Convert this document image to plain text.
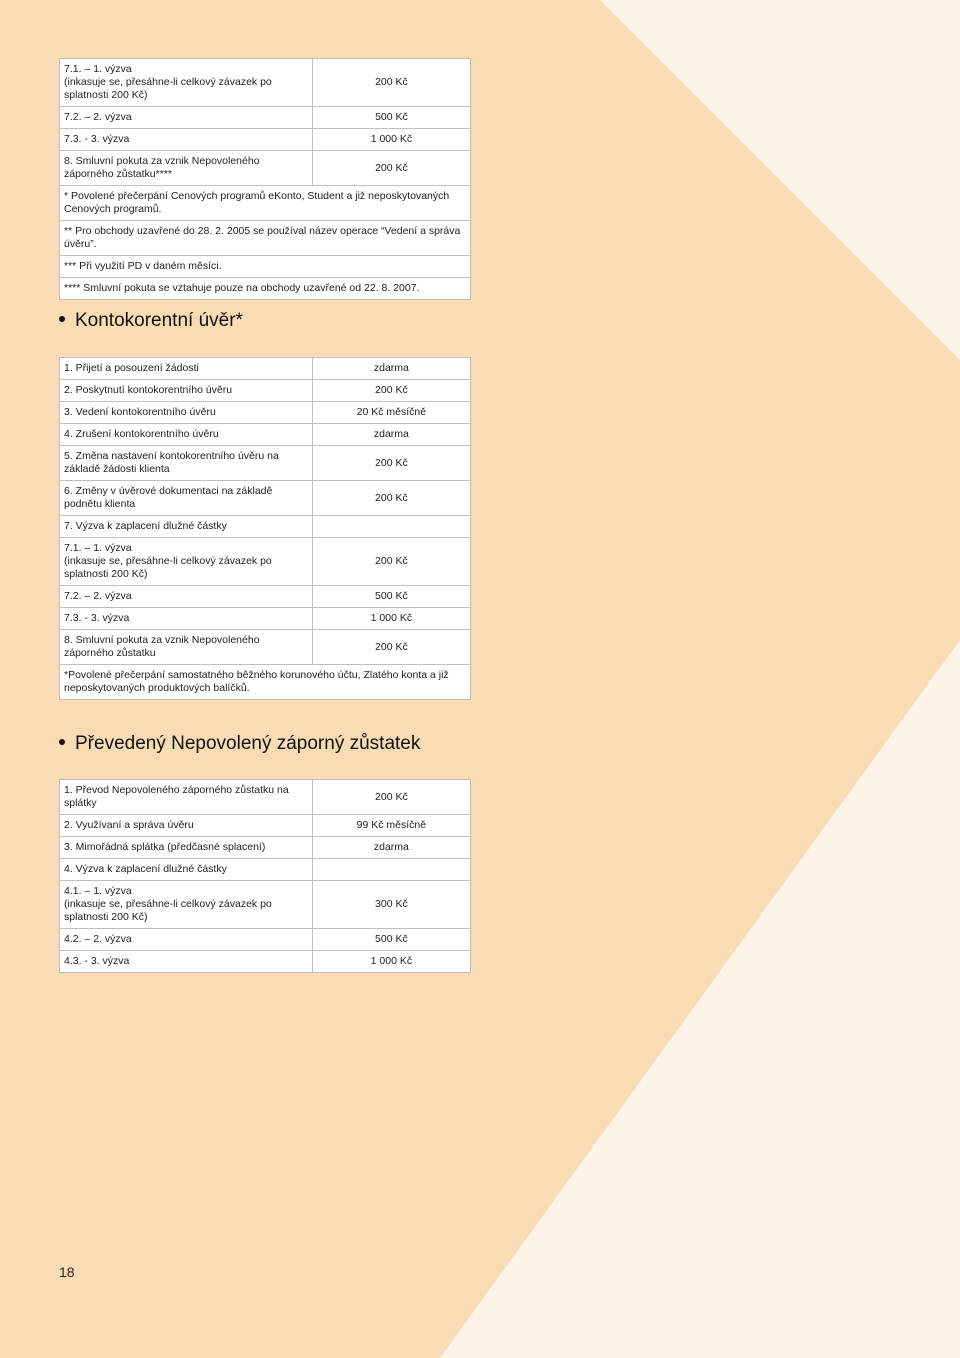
7.1. – 1. výzva
(inkasuje se, přesáhne-li celkový závazek po splatnosti 200 Kč)	200 Kč
7.2. – 2. výzva	500 Kč
7.3. - 3. výzva	1 000 Kč
8. Smluvní pokuta za vznik Nepovoleného záporného zůstatku****	200 Kč
* Povolené přečerpání Cenových programů eKonto, Student a již neposkytovaných Cenových programů.	
** Pro obchody uzavřené do 28. 2. 2005 se používal název operace “Vedení a správa úvěru”.	
*** Při využití PD v daném měsíci.	
**** Smluvní pokuta se vztahuje pouze na obchody uzavřené od 22. 8. 2007.	
Kontokorentní úvěr*
1. Přijetí a posouzení žádosti	zdarma
2. Poskytnutí kontokorentního úvěru	200 Kč
3. Vedení kontokorentního úvěru	20 Kč měsíčně
4. Zrušení kontokorentního úvěru	zdarma
5. Změna nastavení kontokorentního úvěru na základě žádosti klienta	200 Kč
6. Změny v úvěrové dokumentaci na základě podnětu klienta	200 Kč
7. Výzva k zaplacení dlužné částky	
7.1. – 1. výzva
(inkasuje se, přesáhne-li celkový závazek po splatnosti 200 Kč)	200 Kč
7.2. – 2. výzva	500 Kč
7.3. - 3. výzva	1 000 Kč
8. Smluvní pokuta za vznik Nepovoleného záporného zůstatku	200 Kč
*Povolené přečerpání samostatného běžného korunového účtu, Zlatého konta a již neposkytovaných produktových balíčků.	
Převedený Nepovolený záporný zůstatek
1. Převod Nepovoleného záporného zůstatku na splátky	200 Kč
2. Využívaní a správa úvěru	99 Kč měsíčně
3. Mimořádná splátka (předčasné splacení)	zdarma
4. Výzva k zaplacení dlužné částky	
4.1. – 1. výzva
(inkasuje se, přesáhne-li celkový závazek po splatnosti 200 Kč)	300 Kč
4.2. – 2. výzva	500 Kč
4.3. - 3. výzva	1 000 Kč
18
